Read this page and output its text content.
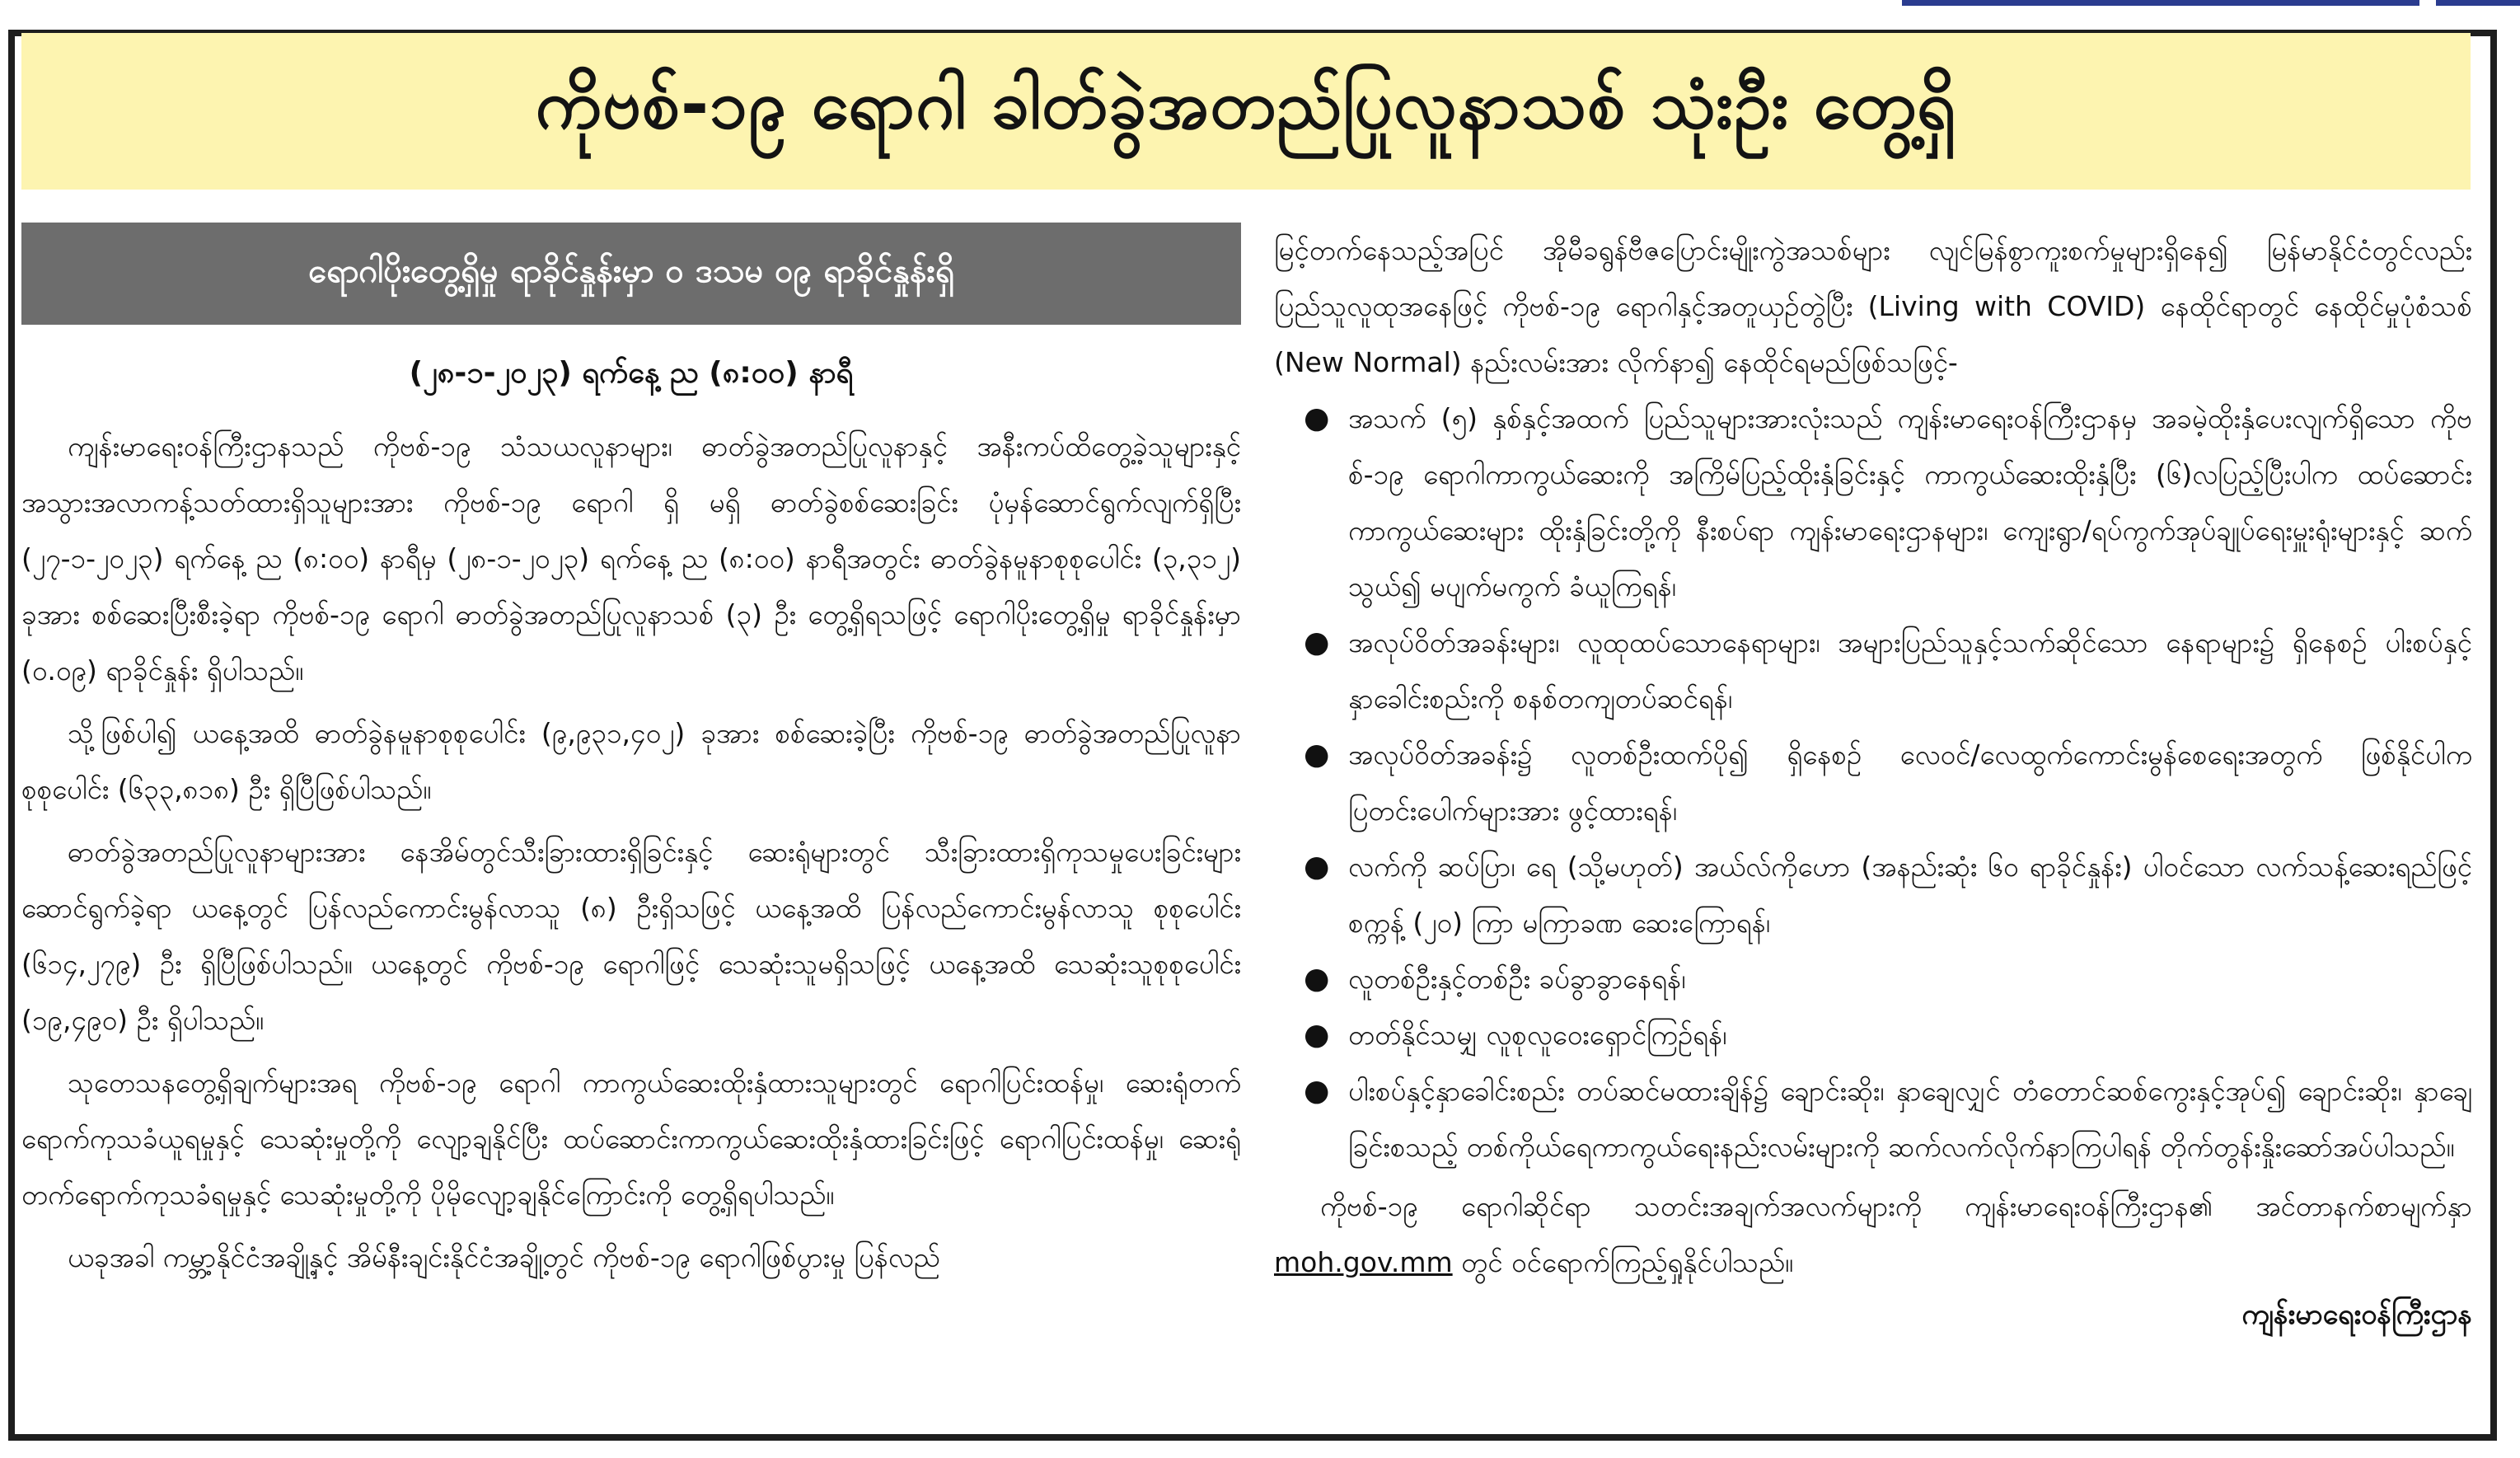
ကိုဗစ်-၁၉ ရောဂါ ခါတ်ခွဲအတည်ပြုလူနာသစ် သုံးဦး တွေ့ရှိ
ရောဂါပိုးတွေ့ရှိမှု ရာခိုင်နှုန်းမှာ ၀ ဒသမ ၀၉ ရာခိုင်နှုန်းရှိ
(၂၈-၁-၂၀၂၃) ရက်နေ့ ည (၈:၀၀) နာရီ

ကျန်းမာရေးဝန်ကြီးဌာနသည် ကိုဗစ်-၁၉ သံသယလူနာများ၊ ဓာတ်ခွဲအတည်ပြုလူနာနှင့် အနီးကပ်ထိတွေ့ခဲ့သူများနှင့် အသွားအလာကန့်သတ်ထားရှိသူများအား ကိုဗစ်-၁၉ ရောဂါ ရှိ မရှိ ဓာတ်ခွဲစစ်ဆေးခြင်း ပုံမှန်ဆောင်ရွက်လျက်ရှိပြီး (၂၇-၁-၂၀၂၃) ရက်နေ့ ည (၈:၀၀) နာရီမှ (၂၈-၁-၂၀၂၃) ရက်နေ့ ည (၈:၀၀) နာရီအတွင်း ဓာတ်ခွဲနမူနာစုစုပေါင်း (၃,၃၁၂) ခုအား စစ်ဆေးပြီးစီးခဲ့ရာ ကိုဗစ်-၁၉ ရောဂါ ဓာတ်ခွဲအတည်ပြုလူနာသစ် (၃) ဦး တွေ့ရှိရသဖြင့် ရောဂါပိုးတွေ့ရှိမှု ရာခိုင်နှုန်းမှာ (၀.၀၉) ရာခိုင်နှုန်း ရှိပါသည်။

သို့ဖြစ်ပါ၍ ယနေ့အထိ ဓာတ်ခွဲနမူနာစုစုပေါင်း (၉,၉၃၁,၄၀၂) ခုအား စစ်ဆေးခဲ့ပြီး ကိုဗစ်-၁၉ ဓာတ်ခွဲအတည်ပြုလူနာ စုစုပေါင်း (၆၃၃,၈၁၈) ဦး ရှိပြီဖြစ်ပါသည်။

ဓာတ်ခွဲအတည်ပြုလူနာများအား နေအိမ်တွင်သီးခြားထားရှိခြင်းနှင့် ဆေးရုံများတွင် သီးခြားထားရှိကုသမှုပေးခြင်းများ ဆောင်ရွက်ခဲ့ရာ ယနေ့တွင် ပြန်လည်ကောင်းမွန်လာသူ (၈) ဦးရှိသဖြင့် ယနေ့အထိ ပြန်လည်ကောင်းမွန်လာသူ စုစုပေါင်း (၆၁၄,၂၇၉) ဦး ရှိပြီဖြစ်ပါသည်။ ယနေ့တွင် ကိုဗစ်-၁၉ ရောဂါဖြင့် သေဆုံးသူမရှိသဖြင့် ယနေ့အထိ သေဆုံးသူစုစုပေါင်း (၁၉,၄၉၀) ဦး ရှိပါသည်။

သုတေသနတွေ့ရှိချက်များအရ ကိုဗစ်-၁၉ ရောဂါ ကာကွယ်ဆေးထိုးနှံထားသူများတွင် ရောဂါပြင်းထန်မှု၊ ဆေးရုံတက်ရောက်ကုသခံယူရမှုနှင့် သေဆုံးမှုတို့ကို လျော့ချနိုင်ပြီး ထပ်ဆောင်းကာကွယ်ဆေးထိုးနှံထားခြင်းဖြင့် ရောဂါပြင်းထန်မှု၊ ဆေးရုံတက်ရောက်ကုသခံရမှုနှင့် သေဆုံးမှုတို့ကို ပိုမိုလျော့ချနိုင်ကြောင်းကို တွေ့ရှိရပါသည်။

ယခုအခါ ကမ္ဘာ့နိုင်ငံအချို့နှင့် အိမ်နီးချင်းနိုင်ငံအချို့တွင် ကိုဗစ်-၁၉ ရောဂါဖြစ်ပွားမှု ပြန်လည်

မြင့်တက်နေသည့်အပြင် အိုမီခရွန်ဗီဇပြောင်းမျိုးကွဲအသစ်များ လျင်မြန်စွာကူးစက်မှုများရှိနေ၍ မြန်မာနိုင်ငံတွင်လည်း ပြည်သူလူထုအနေဖြင့် ကိုဗစ်-၁၉ ရောဂါနှင့်အတူယှဉ်တွဲပြီး (Living with COVID) နေထိုင်ရာတွင် နေထိုင်မှုပုံစံသစ် (New Normal) နည်းလမ်းအား လိုက်နာ၍ နေထိုင်ရမည်ဖြစ်သဖြင့်-

● အသက် (၅) နှစ်နှင့်အထက် ပြည်သူများအားလုံးသည် ကျန်းမာရေးဝန်ကြီးဌာနမှ အခမဲ့ထိုးနှံပေးလျက်ရှိသော ကိုဗစ်-၁၉ ရောဂါကာကွယ်ဆေးကို အကြိမ်ပြည့်ထိုးနှံခြင်းနှင့် ကာကွယ်ဆေးထိုးနှံပြီး (၆)လပြည့်ပြီးပါက ထပ်ဆောင်းကာကွယ်ဆေးများ ထိုးနှံခြင်းတို့ကို နီးစပ်ရာ ကျန်းမာရေးဌာနများ၊ ကျေးရွာ/ရပ်ကွက်အုပ်ချုပ်ရေးမှူးရုံးများနှင့် ဆက်သွယ်၍ မပျက်မကွက် ခံယူကြရန်၊
● အလုပ်ဝိတ်အခန်းများ၊ လူထုထပ်သောနေရာများ၊ အများပြည်သူနှင့်သက်ဆိုင်သော နေရာများ၌ ရှိနေစဉ် ပါးစပ်နှင့်နှာခေါင်းစည်းကို စနစ်တကျတပ်ဆင်ရန်၊
● အလုပ်ဝိတ်အခန်း၌ လူတစ်ဦးထက်ပို၍ ရှိနေစဉ် လေဝင်/လေထွက်ကောင်းမွန်စေရေးအတွက် ဖြစ်နိုင်ပါက ပြတင်းပေါက်များအား ဖွင့်ထားရန်၊
● လက်ကို ဆပ်ပြာ၊ ရေ (သို့မဟုတ်) အယ်လ်ကိုဟော (အနည်းဆုံး ၆၀ ရာခိုင်နှုန်း) ပါဝင်သော လက်သန့်ဆေးရည်ဖြင့် စက္ကန့် (၂၀) ကြာ မကြာခဏ ဆေးကြောရန်၊
● လူတစ်ဦးနှင့်တစ်ဦး ခပ်ခွာခွာနေရန်၊
● တတ်နိုင်သမျှ လူစုလူဝေးရှောင်ကြဉ်ရန်၊
● ပါးစပ်နှင့်နှာခေါင်းစည်း တပ်ဆင်မထားချိန်၌ ချောင်းဆိုး၊ နှာချေလျှင် တံတောင်ဆစ်ကွေးနှင့်အုပ်၍ ချောင်းဆိုး၊ နှာချေခြင်းစသည့် တစ်ကိုယ်ရေကာကွယ်ရေးနည်းလမ်းများကို ဆက်လက်လိုက်နာကြပါရန် တိုက်တွန်းနှိုးဆော်အပ်ပါသည်။

ကိုဗစ်-၁၉ ရောဂါဆိုင်ရာ သတင်းအချက်အလက်များကို ကျန်းမာရေးဝန်ကြီးဌာန၏ အင်တာနက်စာမျက်နှာ moh.gov.mm တွင် ဝင်ရောက်ကြည့်ရှုနိုင်ပါသည်။

ကျန်းမာရေးဝန်ကြီးဌာန
